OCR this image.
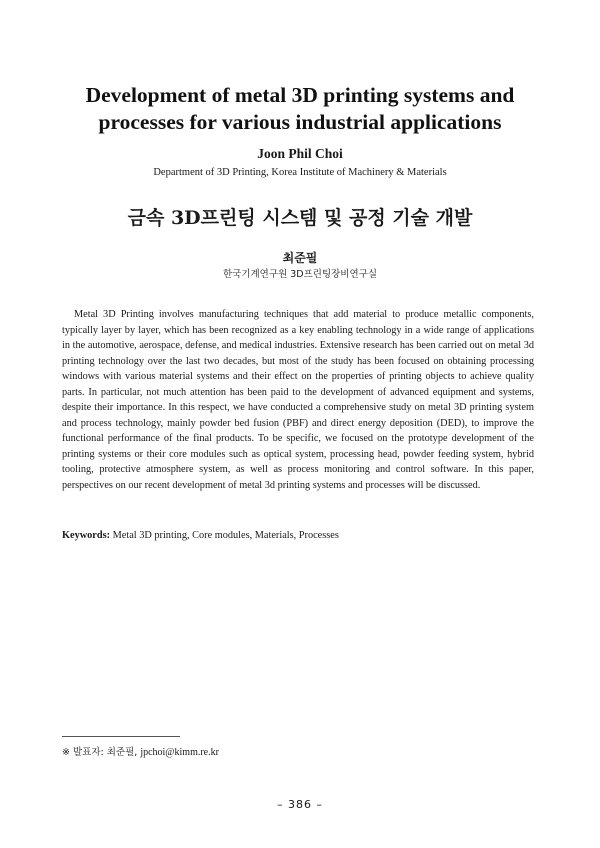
Development of metal 3D printing systems and
processes for various industrial applications
Joon Phil Choi
Department of 3D Printing, Korea Institute of Machinery & Materials
금속 3D프린팅 시스템 및 공정 기술 개발
최준필
한국기계연구원 3D프린팅장비연구실

Metal 3D Printing involves manufacturing techniques that add material to produce metallic components, typically layer by layer, which has been recognized as a key enabling technology in a wide range of applications in the automotive, aerospace, defense, and medical industries. Extensive research has been carried out on metal 3d printing technology over the last two decades, but most of the study has been focused on obtaining processing windows with various material systems and their effect on the properties of printing objects to achieve quality parts. In particular, not much attention has been paid to the development of advanced equipment and systems, despite their importance. In this respect, we have conducted a comprehensive study on metal 3D printing system and process technology, mainly powder bed fusion (PBF) and direct energy deposition (DED), to improve the functional performance of the final products. To be specific, we focused on the prototype development of the printing systems or their core modules such as optical system, processing head, powder feeding system, hybrid tooling, protective atmosphere system, as well as process monitoring and control software. In this paper, perspectives on our recent development of metal 3d printing systems and processes will be discussed.

Keywords: Metal 3D printing, Core modules, Materials, Processes
※ 발표자: 최준필, jpchoi@kimm.re.kr
– 386 –
